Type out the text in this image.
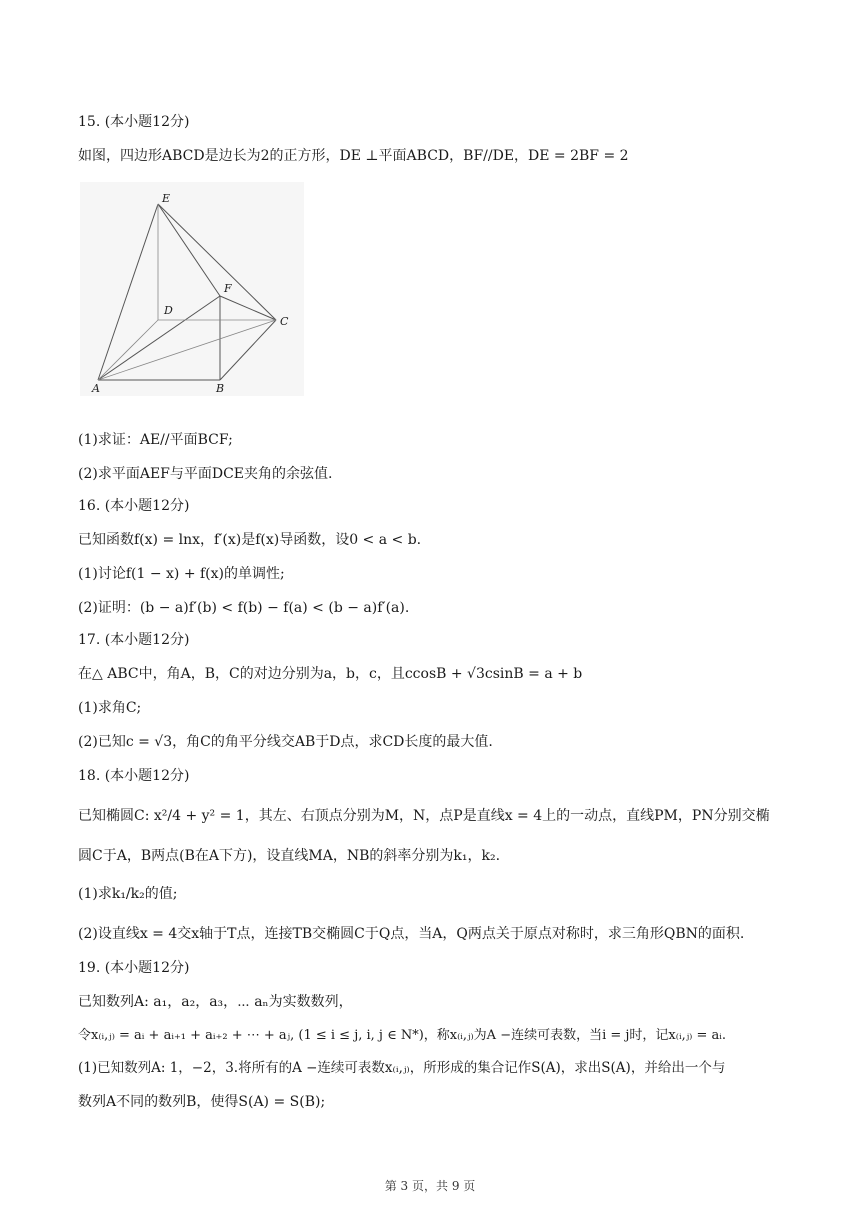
15. (本小题12分)
如图，四边形ABCD是边长为2的正方形，DE ⊥平面ABCD，BF//DE，DE = 2BF = 2
E
F
D
C
A	B
(1)求证：AE//平面BCF;
(2)求平面AEF与平面DCE夹角的余弦值.
16. (本小题12分)
已知函数f(x) = lnx，f′(x)是f(x)导函数，设0 < a < b.
(1)讨论f(1 − x) + f(x)的单调性;
(2)证明：(b − a)f′(b) < f(b) − f(a) < (b − a)f′(a).
17. (本小题12分)
在△ ABC中，角A，B，C的对边分别为a，b，c，且ccosB + √3csinB = a + b
(1)求角C;
(2)已知c = √3，角C的角平分线交AB于D点，求CD长度的最大值.
18. (本小题12分)
已知椭圆C: x²/4 + y² = 1，其左、右顶点分别为M，N，点P是直线x = 4上的一动点，直线PM，PN分别交椭
圆C于A，B两点(B在A下方)，设直线MA，NB的斜率分别为k₁，k₂.
(1)求k₁/k₂的值;
(2)设直线x = 4交x轴于T点，连接TB交椭圆C于Q点，当A，Q两点关于原点对称时，求三角形QBN的面积.
19. (本小题12分)
已知数列A: a₁，a₂，a₃，⋯ aₙ为实数数列，
令x₍ᵢ,ⱼ₎ = aᵢ + aᵢ₊₁ + aᵢ₊₂ + ⋯ + aⱼ, (1 ≤ i ≤ j, i, j ∈ N*)，称x₍ᵢ,ⱼ₎为A −连续可表数，当i = j时，记x₍ᵢ,ⱼ₎ = aᵢ.
(1)已知数列A: 1，−2，3.将所有的A −连续可表数x₍ᵢ,ⱼ₎，所形成的集合记作S(A)，求出S(A)，并给出一个与
数列A不同的数列B，使得S(A) = S(B);
第 3 页，共 9 页
